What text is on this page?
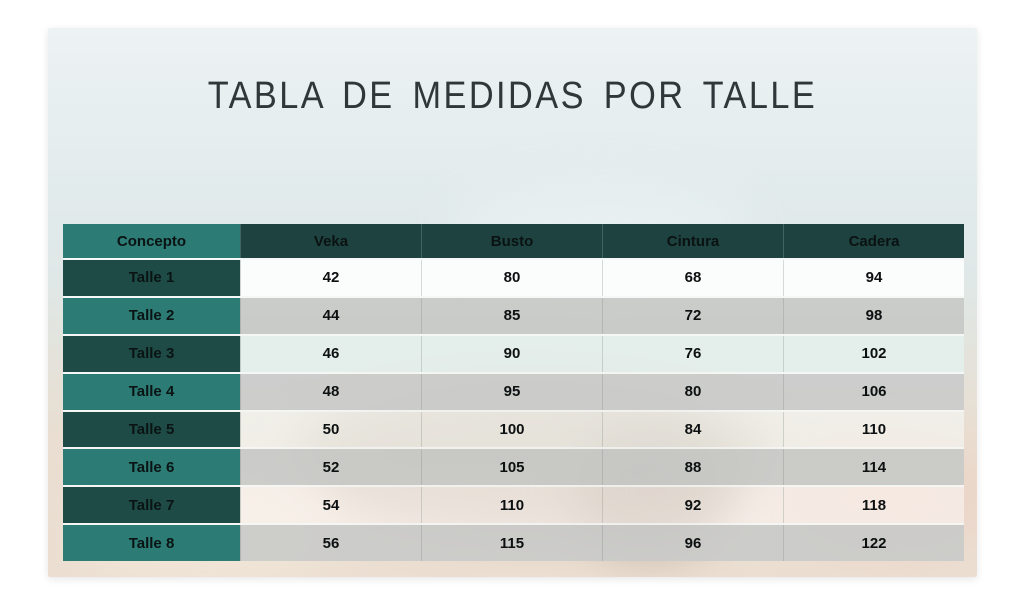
TABLA DE MEDIDAS POR TALLE
Concepto	Veka	Busto	Cintura	Cadera
Talle 1	42	80	68	94
Talle 2	44	85	72	98
Talle 3	46	90	76	102
Talle 4	48	95	80	106
Talle 5	50	100	84	110
Talle 6	52	105	88	114
Talle 7	54	110	92	118
Talle 8	56	115	96	122
